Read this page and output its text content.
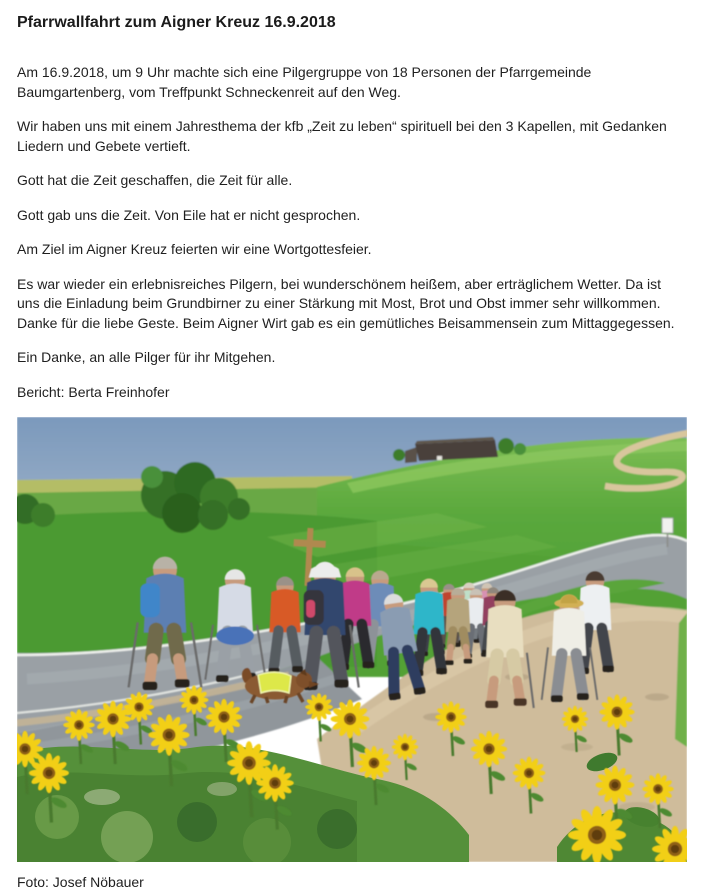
Pfarrwallfahrt zum Aigner Kreuz 16.9.2018

Am 16.9.2018, um 9 Uhr machte sich eine Pilgergruppe von 18 Personen der Pfarrgemeinde Baumgartenberg, vom Treffpunkt Schneckenreit auf den Weg.

Wir haben uns mit einem Jahresthema der kfb „Zeit zu leben“ spirituell bei den 3 Kapellen, mit Gedanken Liedern und Gebete vertieft.

Gott hat die Zeit geschaffen, die Zeit für alle.

Gott gab uns die Zeit. Von Eile hat er nicht gesprochen.

Am Ziel im Aigner Kreuz feierten wir eine Wortgottesfeier.

Es war wieder ein erlebnisreiches Pilgern, bei wunderschönem heißem, aber erträglichem Wetter. Da ist uns die Einladung beim Grundbirner zu einer Stärkung mit Most, Brot und Obst immer sehr willkommen. Danke für die liebe Geste. Beim Aigner Wirt gab es ein gemütliches Beisammensein zum Mittaggegessen.

Ein Danke, an alle Pilger für ihr Mitgehen.

Bericht: Berta Freinhofer

Foto: Josef Nöbauer
